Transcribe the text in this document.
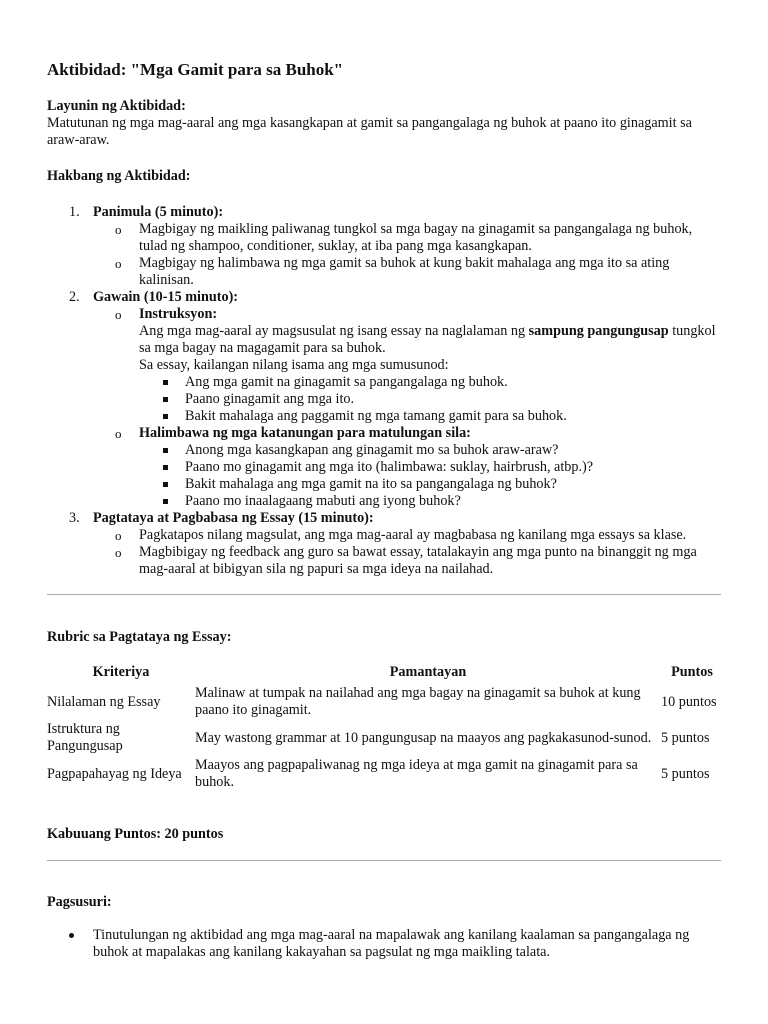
Aktibidad: "Mga Gamit para sa Buhok"

Layunin ng Aktibidad:

Matutunan ng mga mag-aaral ang mga kasangkapan at gamit sa pangangalaga ng buhok at paano ito ginagamit sa araw-araw.

Hakbang ng Aktibidad:

1. Panimula (5 minuto):
o Magbigay ng maikling paliwanag tungkol sa mga bagay na ginagamit sa pangangalaga ng buhok, tulad ng shampoo, conditioner, suklay, at iba pang mga kasangkapan.
o Magbigay ng halimbawa ng mga gamit sa buhok at kung bakit mahalaga ang mga ito sa ating kalinisan.
2. Gawain (10-15 minuto):
o Instruksyon:
Ang mga mag-aaral ay magsusulat ng isang essay na naglalaman ng sampung pangungusap tungkol sa mga bagay na magagamit para sa buhok.
Sa essay, kailangan nilang isama ang mga sumusunod:
Ang mga gamit na ginagamit sa pangangalaga ng buhok.
Paano ginagamit ang mga ito.
Bakit mahalaga ang paggamit ng mga tamang gamit para sa buhok.
o Halimbawa ng mga katanungan para matulungan sila:
Anong mga kasangkapan ang ginagamit mo sa buhok araw-araw?
Paano mo ginagamit ang mga ito (halimbawa: suklay, hairbrush, atbp.)?
Bakit mahalaga ang mga gamit na ito sa pangangalaga ng buhok?
Paano mo inaalagaang mabuti ang iyong buhok?
3. Pagtataya at Pagbabasa ng Essay (15 minuto):
o Pagkatapos nilang magsulat, ang mga mag-aaral ay magbabasa ng kanilang mga essays sa klase.
o Magbibigay ng feedback ang guro sa bawat essay, tatalakayin ang mga punto na binanggit ng mga mag-aaral at bibigyan sila ng papuri sa mga ideya na nailahad.

Rubric sa Pagtataya ng Essay:

Kriteriya	Pamantayan	Puntos
Nilalaman ng Essay	Malinaw at tumpak na nailahad ang mga bagay na ginagamit sa buhok at kung paano ito ginagamit.	10 puntos
Istruktura ng Pangungusap	May wastong grammar at 10 pangungusap na maayos ang pagkakasunod-sunod.	5 puntos
Pagpapahayag ng Ideya	Maayos ang pagpapaliwanag ng mga ideya at mga gamit na ginagamit para sa buhok.	5 puntos

Kabuuang Puntos: 20 puntos

Pagsusuri:

Tinutulungan ng aktibidad ang mga mag-aaral na mapalawak ang kanilang kaalaman sa pangangalaga ng buhok at mapalakas ang kanilang kakayahan sa pagsulat ng mga maikling talata.
